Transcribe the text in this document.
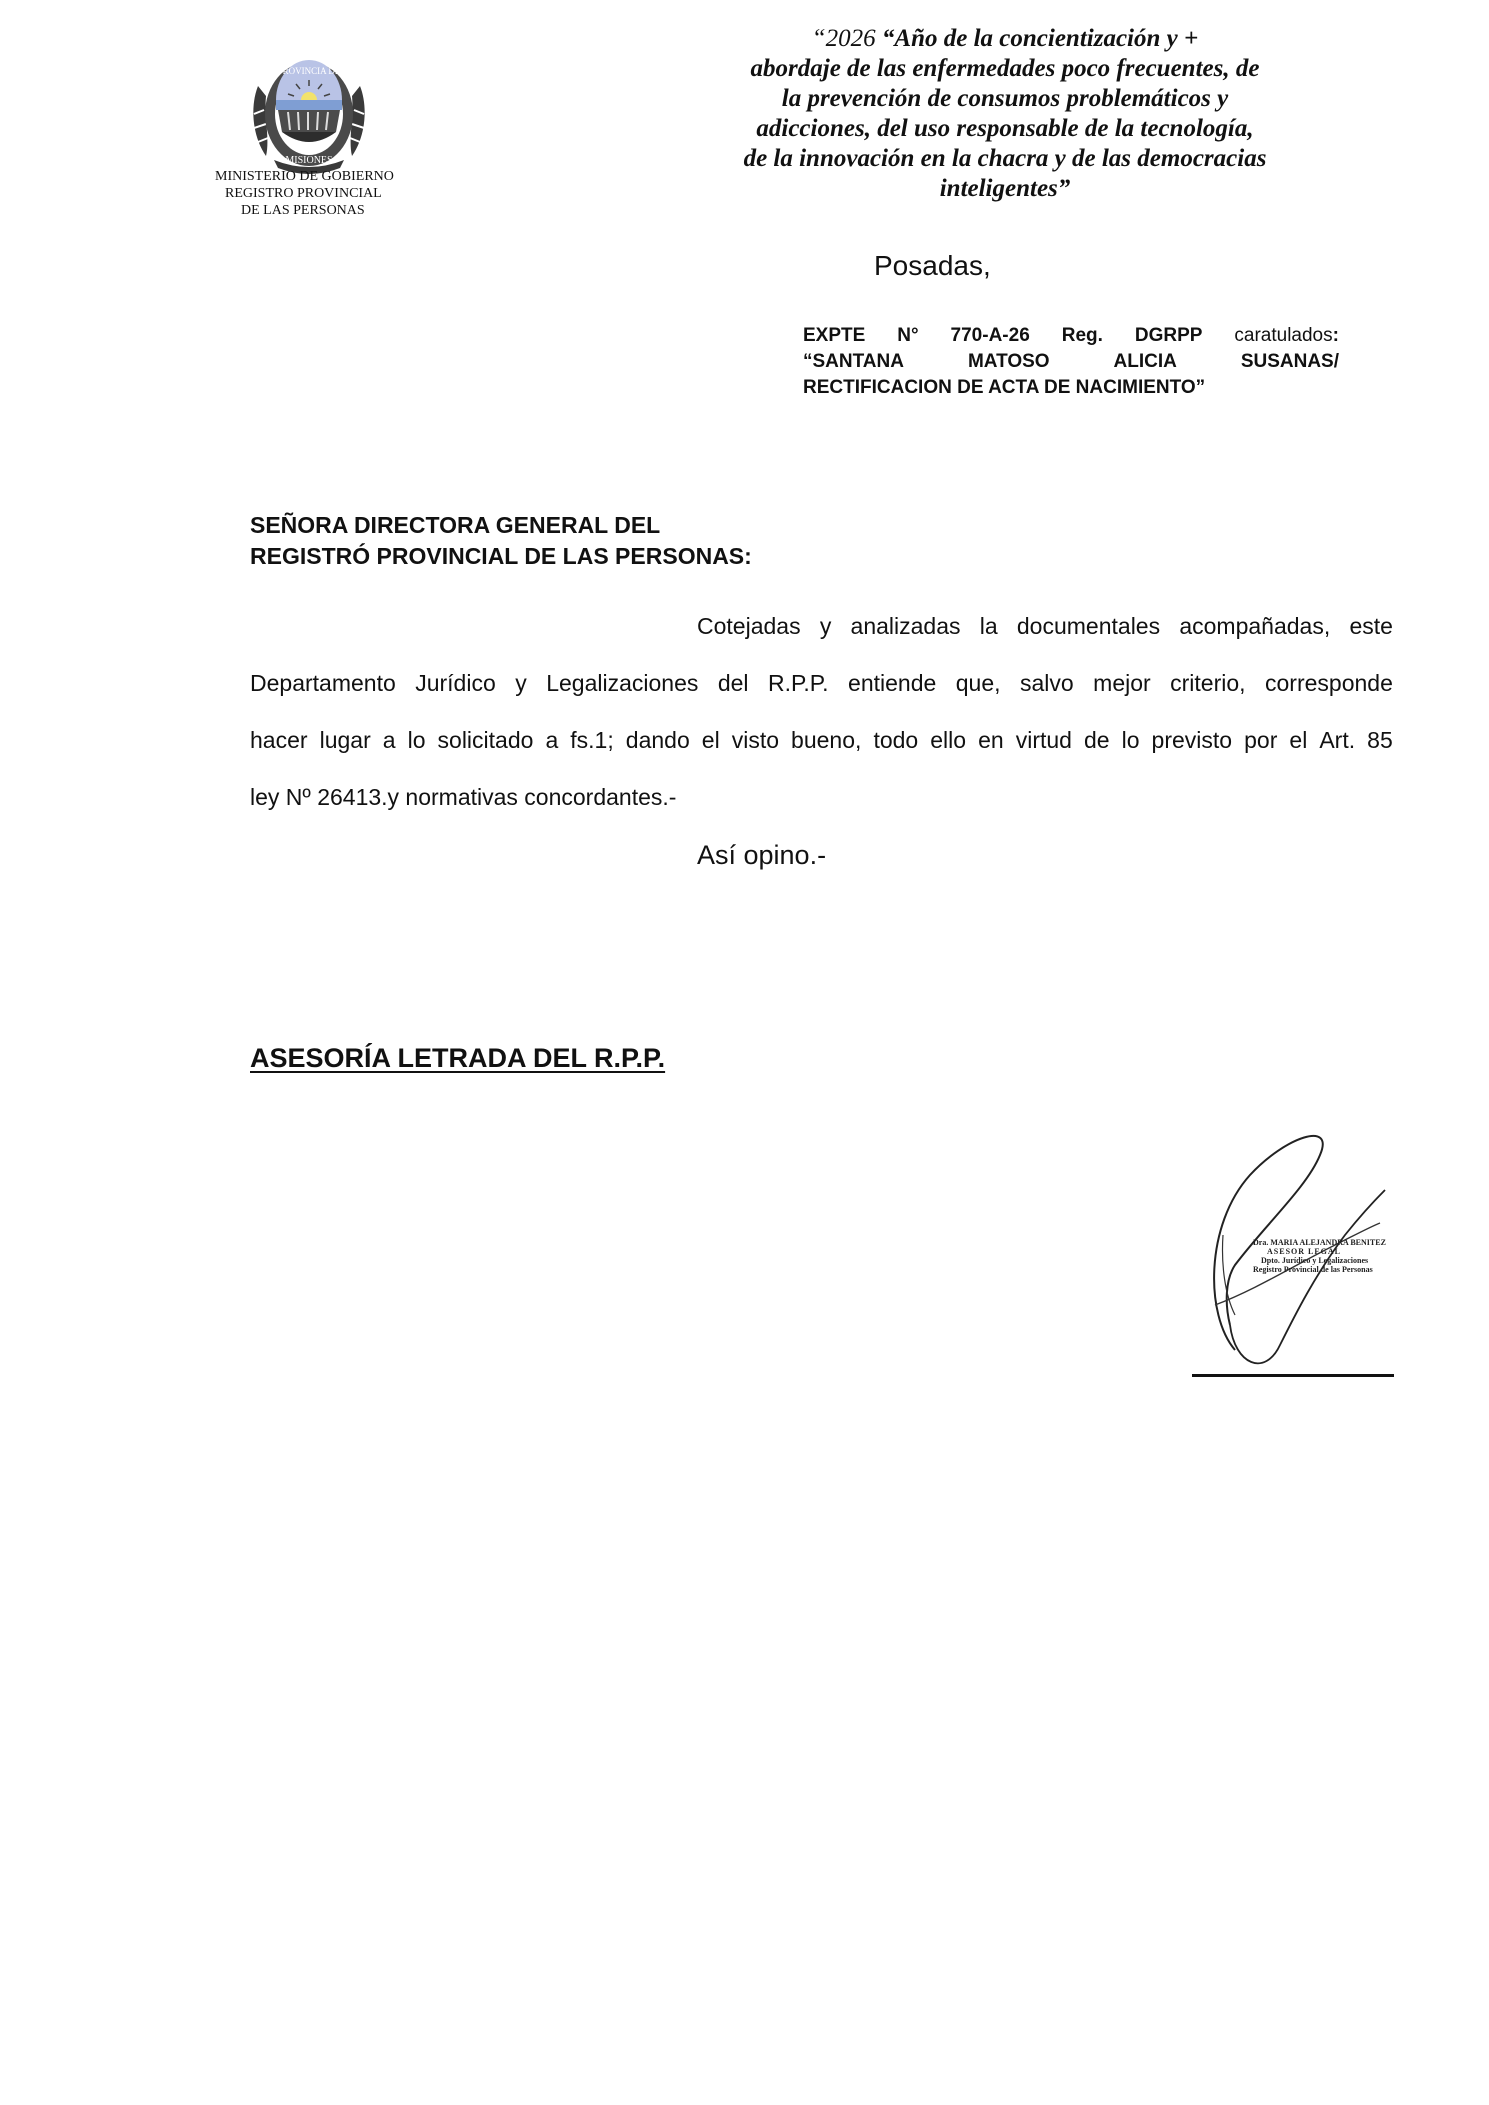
PROVINCIA DE
MISIONES
MINISTERIO DE GOBIERNO
REGISTRO PROVINCIAL
DE LAS PERSONAS
“2026 “Año de la concientización y +
abordaje de las enfermedades poco frecuentes, de
la prevención de consumos problemáticos y
adicciones, del uso responsable de la tecnología,
de la innovación en la chacra y de las democracias
inteligentes”
Posadas,
EXPTE N° 770-A-26 Reg. DGRPP caratulados:
“SANTANA	MATOSO	ALICIA	SUSANAS/
RECTIFICACION DE ACTA DE NACIMIENTO”
SEÑORA DIRECTORA GENERAL DEL
REGISTRÓ PROVINCIAL DE LAS PERSONAS:
Cotejadas y analizadas la documentales acompañadas, este
Departamento Jurídico y Legalizaciones del R.P.P. entiende que, salvo mejor criterio, corresponde
hacer lugar a lo solicitado a fs.1; dando el visto bueno, todo ello en virtud de lo previsto por el Art. 85
ley Nº 26413.y normativas concordantes.-
Así opino.-
ASESORÍA LETRADA DEL R.P.P.
Dra. MARIA ALEJANDRA BENITEZ
ASESOR LEGAL
Dpto. Jurídico y Legalizaciones
Registro Provincial de las Personas
